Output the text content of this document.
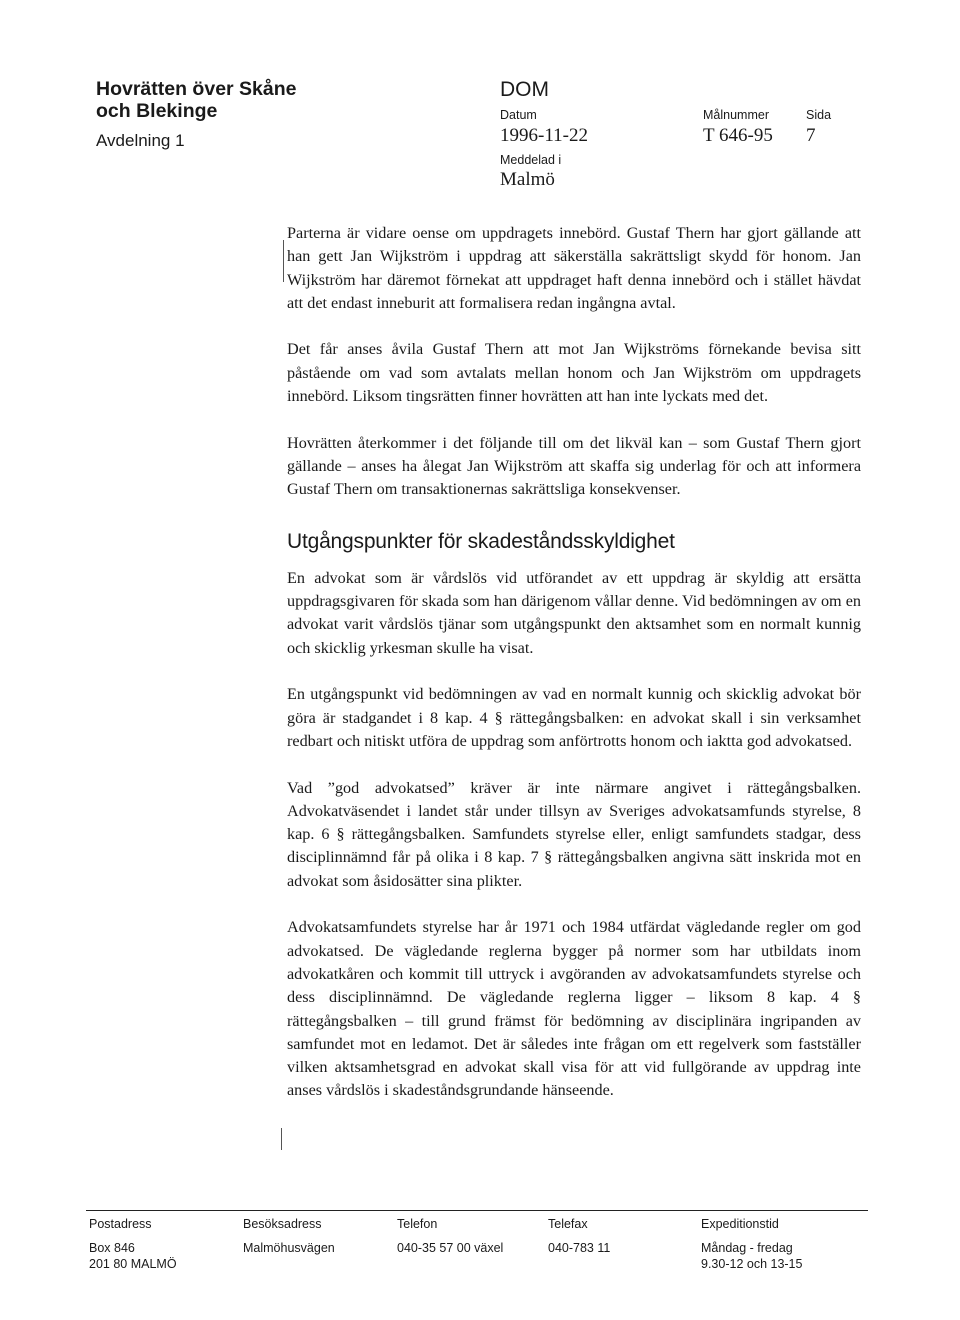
Hovrätten över Skåne
och Blekinge
Avdelning 1
DOM
Datum
1996-11-22
Målnummer
T 646-95
Sida
7
Meddelad i
Malmö

Parterna är vidare oense om uppdragets innebörd. Gustaf Thern har gjort gällande att han gett Jan Wijkström i uppdrag att säkerställa sakrättsligt skydd för honom. Jan Wijkström har däremot förnekat att uppdraget haft denna innebörd och i stället hävdat att det endast inneburit att formalisera redan ingångna avtal.

Det får anses åvila Gustaf Thern att mot Jan Wijkströms förnekande bevisa sitt påstående om vad som avtalats mellan honom och Jan Wijkström om uppdragets innebörd. Liksom tingsrätten finner hovrätten att han inte lyckats med det.

Hovrätten återkommer i det följande till om det likväl kan – som Gustaf Thern gjort gällande – anses ha ålegat Jan Wijkström att skaffa sig underlag för och att informera Gustaf Thern om transaktionernas sakrättsliga konsekvenser.

Utgångspunkter för skadeståndsskyldighet

En advokat som är vårdslös vid utförandet av ett uppdrag är skyldig att ersätta uppdragsgivaren för skada som han därigenom vållar denne. Vid bedömningen av om en advokat varit vårdslös tjänar som utgångspunkt den aktsamhet som en normalt kunnig och skicklig yrkesman skulle ha visat.

En utgångspunkt vid bedömningen av vad en normalt kunnig och skicklig advokat bör göra är stadgandet i 8 kap. 4 § rättegångsbalken: en advokat skall i sin verksamhet redbart och nitiskt utföra de uppdrag som anförtrotts honom och iaktta god advokatsed.

Vad ”god advokatsed” kräver är inte närmare angivet i rättegångsbalken. Advokatväsendet i landet står under tillsyn av Sveriges advokatsamfunds styrelse, 8 kap. 6 § rättegångsbalken. Samfundets styrelse eller, enligt samfundets stadgar, dess disciplinnämnd får på olika i 8 kap. 7 § rättegångsbalken angivna sätt inskrida mot en advokat som åsidosätter sina plikter.

Advokatsamfundets styrelse har år 1971 och 1984 utfärdat vägledande regler om god advokatsed. De vägledande reglerna bygger på normer som har utbildats inom advokatkåren och kommit till uttryck i avgöranden av advokatsamfundets styrelse och dess disciplinnämnd. De vägledande reglerna ligger – liksom 8 kap. 4 § rättegångsbalken – till grund främst för bedömning av disciplinära ingripanden av samfundet mot en ledamot. Det är således inte frågan om ett regelverk som fastställer vilken aktsamhetsgrad en advokat skall visa för att vid fullgörande av uppdrag inte anses vårdslös i skadeståndsgrundande hänseende.

Postadress
Box 846
201 80 MALMÖ
Besöksadress
Malmöhusvägen
Telefon
040-35 57 00 växel
Telefax
040-783 11
Expeditionstid
Måndag - fredag
9.30-12 och 13-15
